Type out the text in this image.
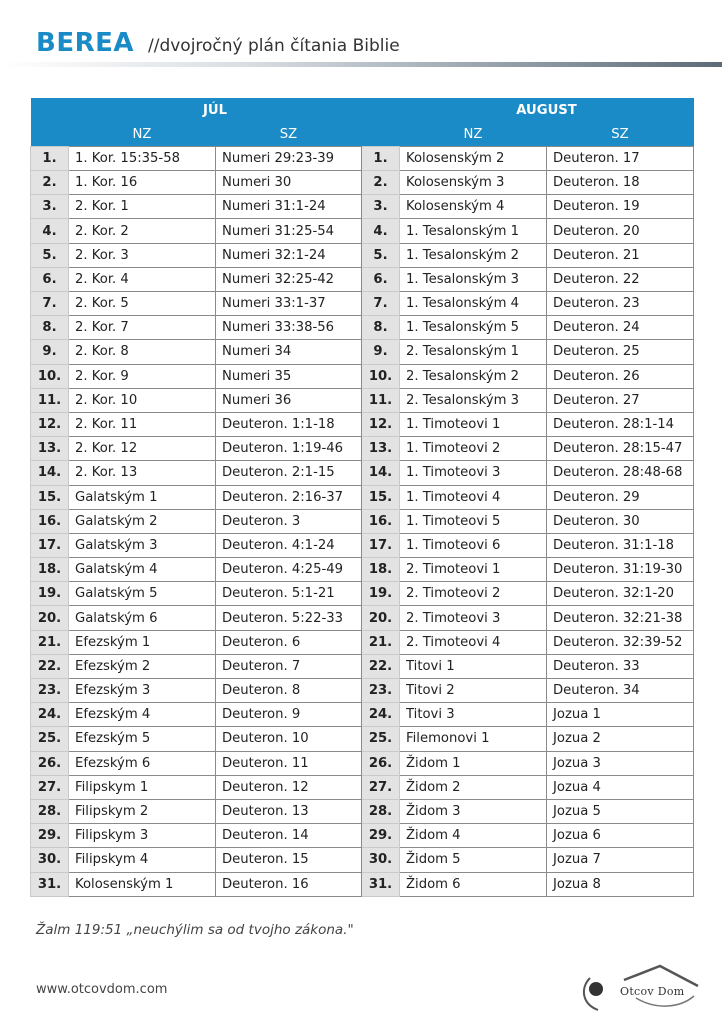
BEREA //dvojročný plán čítania Biblie
	JÚL			AUGUST	
	NZ	SZ		NZ	SZ
1.	1. Kor. 15:35-58	Numeri 29:23-39	1.	Kolosenským 2	Deuteron. 17
2.	1. Kor. 16	Numeri 30	2.	Kolosenským 3	Deuteron. 18
3.	2. Kor. 1	Numeri 31:1-24	3.	Kolosenským 4	Deuteron. 19
4.	2. Kor. 2	Numeri 31:25-54	4.	1. Tesalonským 1	Deuteron. 20
5.	2. Kor. 3	Numeri 32:1-24	5.	1. Tesalonským 2	Deuteron. 21
6.	2. Kor. 4	Numeri 32:25-42	6.	1. Tesalonským 3	Deuteron. 22
7.	2. Kor. 5	Numeri 33:1-37	7.	1. Tesalonským 4	Deuteron. 23
8.	2. Kor. 7	Numeri 33:38-56	8.	1. Tesalonským 5	Deuteron. 24
9.	2. Kor. 8	Numeri 34	9.	2. Tesalonským 1	Deuteron. 25
10.	2. Kor. 9	Numeri 35	10.	2. Tesalonským 2	Deuteron. 26
11.	2. Kor. 10	Numeri 36	11.	2. Tesalonským 3	Deuteron. 27
12.	2. Kor. 11	Deuteron. 1:1-18	12.	1. Timoteovi 1	Deuteron. 28:1-14
13.	2. Kor. 12	Deuteron. 1:19-46	13.	1. Timoteovi 2	Deuteron. 28:15-47
14.	2. Kor. 13	Deuteron. 2:1-15	14.	1. Timoteovi 3	Deuteron. 28:48-68
15.	Galatským 1	Deuteron. 2:16-37	15.	1. Timoteovi 4	Deuteron. 29
16.	Galatským 2	Deuteron. 3	16.	1. Timoteovi 5	Deuteron. 30
17.	Galatským 3	Deuteron. 4:1-24	17.	1. Timoteovi 6	Deuteron. 31:1-18
18.	Galatským 4	Deuteron. 4:25-49	18.	2. Timoteovi 1	Deuteron. 31:19-30
19.	Galatským 5	Deuteron. 5:1-21	19.	2. Timoteovi 2	Deuteron. 32:1-20
20.	Galatským 6	Deuteron. 5:22-33	20.	2. Timoteovi 3	Deuteron. 32:21-38
21.	Efezským 1	Deuteron. 6	21.	2. Timoteovi 4	Deuteron. 32:39-52
22.	Efezským 2	Deuteron. 7	22.	Titovi 1	Deuteron. 33
23.	Efezským 3	Deuteron. 8	23.	Titovi 2	Deuteron. 34
24.	Efezským 4	Deuteron. 9	24.	Titovi 3	Jozua 1
25.	Efezským 5	Deuteron. 10	25.	Filemonovi 1	Jozua 2
26.	Efezským 6	Deuteron. 11	26.	Židom 1	Jozua 3
27.	Filipskym 1	Deuteron. 12	27.	Židom 2	Jozua 4
28.	Filipskym 2	Deuteron. 13	28.	Židom 3	Jozua 5
29.	Filipskym 3	Deuteron. 14	29.	Židom 4	Jozua 6
30.	Filipskym 4	Deuteron. 15	30.	Židom 5	Jozua 7
31.	Kolosenským 1	Deuteron. 16	31.	Židom 6	Jozua 8
Žalm 119:51 „neuchýlim sa od tvojho zákona."
www.otcovdom.com	Otcov Dom
